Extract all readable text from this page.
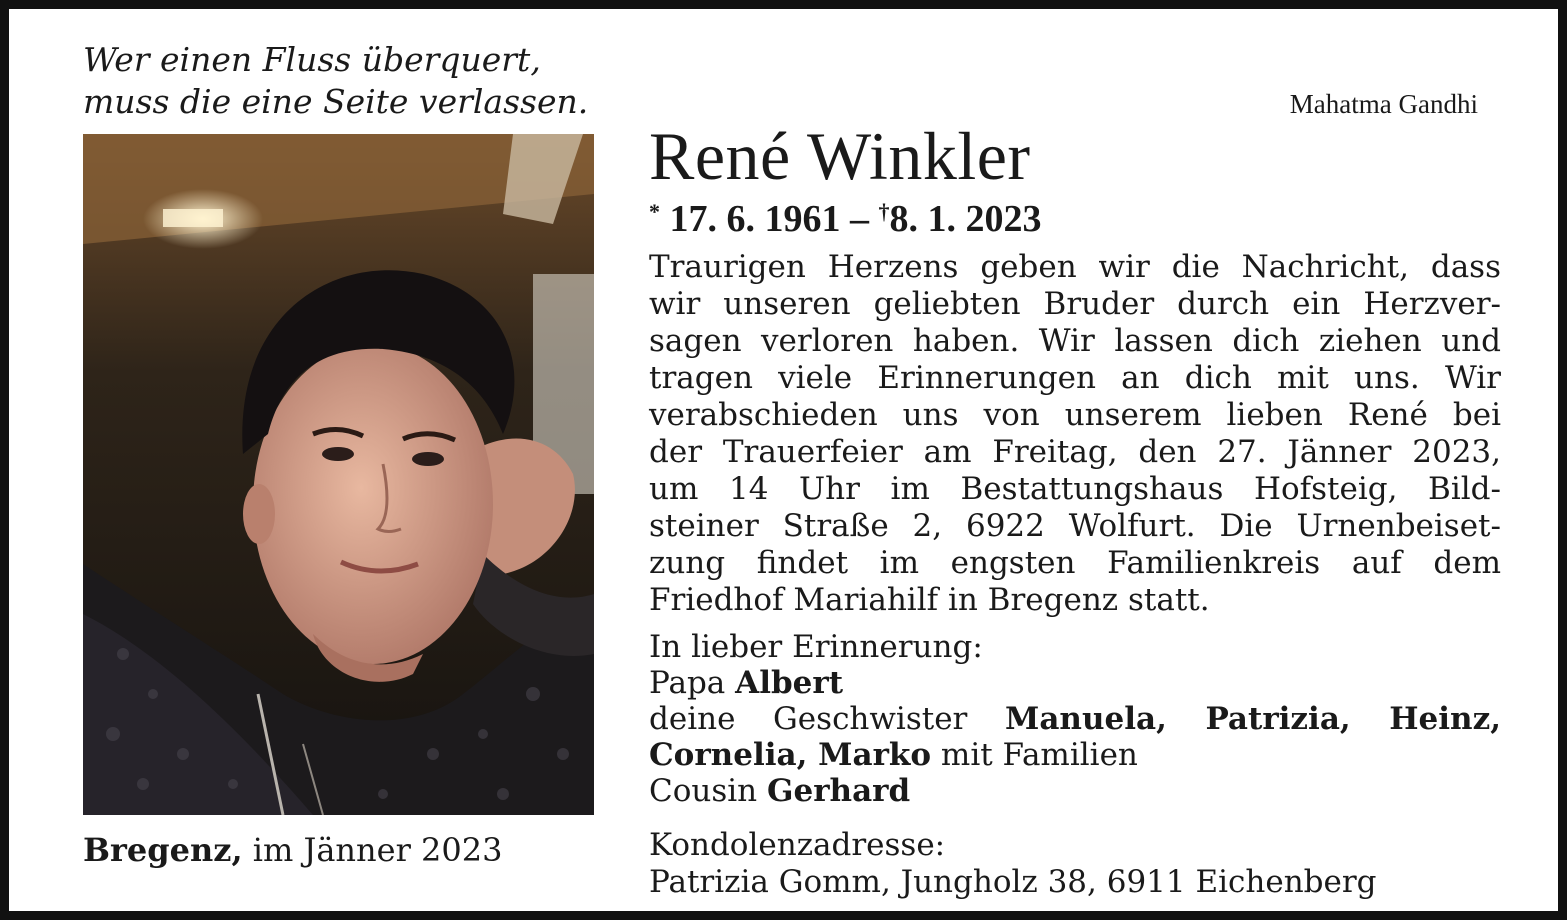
Wer einen Fluss überquert,
muss die eine Seite verlassen.	Mahatma Gandhi
Bregenz, im Jänner 2023
René Winkler
* 17. 6. 1961 – †8. 1. 2023
Traurigen Herzens geben wir die Nachricht, dass
wir unseren geliebten Bruder durch ein Herzver-
sagen verloren haben. Wir lassen dich ziehen und
tragen viele Erinnerungen an dich mit uns. Wir
verabschieden uns von unserem lieben René bei
der Trauerfeier am Freitag, den 27. Jänner 2023,
um 14 Uhr im Bestattungshaus Hofsteig, Bild-
steiner Straße 2, 6922 Wolfurt. Die Urnenbeiset-
zung findet im engsten Familienkreis auf dem
Friedhof Mariahilf in Bregenz statt.
In lieber Erinnerung:
Papa Albert
deine Geschwister Manuela, Patrizia, Heinz,
Cornelia, Marko mit Familien
Cousin Gerhard
Kondolenzadresse:
Patrizia Gomm, Jungholz 38, 6911 Eichenberg
